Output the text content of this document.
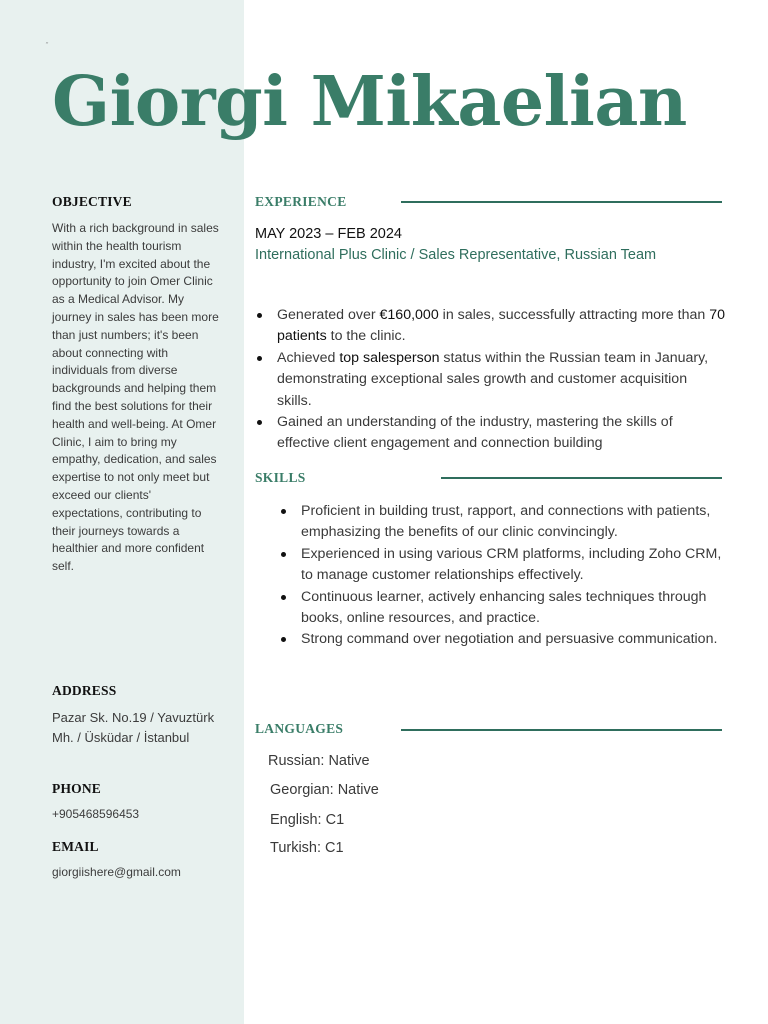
˝
Giorgi Mikaelian
OBJECTIVE

With a rich background in sales within the health tourism industry, I'm excited about the opportunity to join Omer Clinic as a Medical Advisor. My journey in sales has been more than just numbers; it's been about connecting with individuals from diverse backgrounds and helping them find the best solutions for their health and well-being. At Omer Clinic, I aim to bring my empathy, dedication, and sales expertise to not only meet but exceed our clients' expectations, contributing to their journeys towards a healthier and more confident self.

ADDRESS

Pazar Sk. No.19 / Yavuztürk Mh. / Üsküdar / İstanbul

PHONE

+905468596453

EMAIL

giorgiishere@gmail.com

EXPERIENCE

MAY 2023 – FEB 2024

International Plus Clinic / Sales Representative, Russian Team

Generated over €160,000 in sales, successfully attracting more than 70 patients to the clinic.
Achieved top salesperson status within the Russian team in January, demonstrating exceptional sales growth and customer acquisition skills.
Gained an understanding of the industry, mastering the skills of effective client engagement and connection building
SKILLS
Proficient in building trust, rapport, and connections with patients, emphasizing the benefits of our clinic convincingly.
Experienced in using various CRM platforms, including Zoho CRM, to manage customer relationships effectively.
Continuous learner, actively enhancing sales techniques through books, online resources, and practice.
Strong command over negotiation and persuasive communication.
LANGUAGES

Russian: Native

Georgian: Native

English: C1

Turkish: C1
